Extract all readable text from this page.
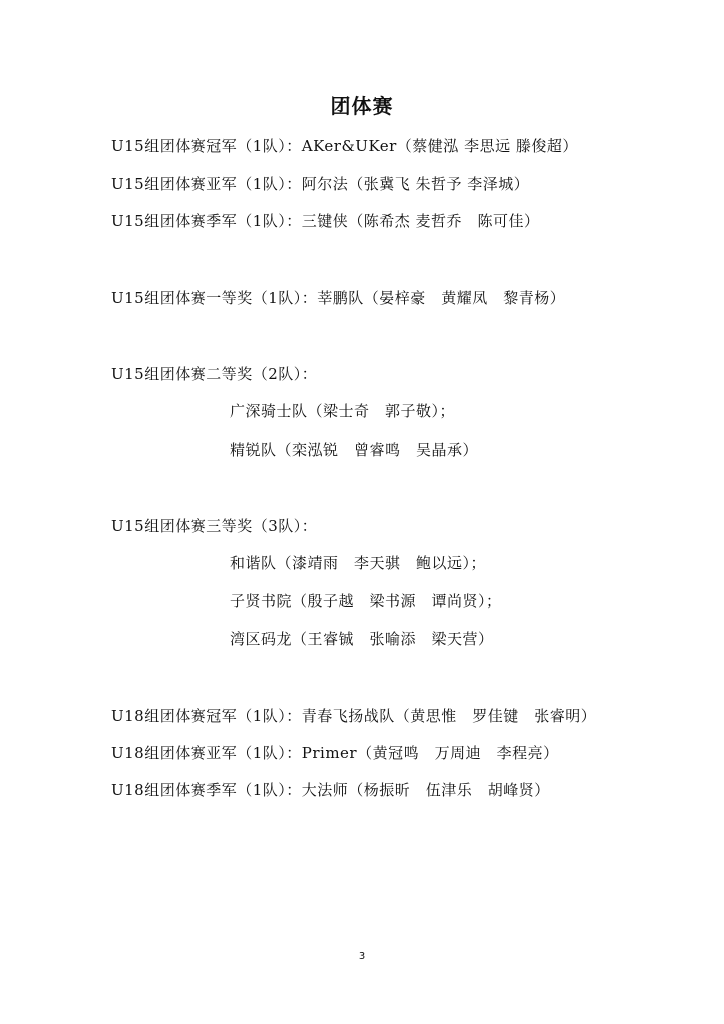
团体赛
U15组团体赛冠军（1队）：AKer&UKer（蔡健泓 李思远 滕俊超）
U15组团体赛亚军（1队）：阿尔法（张冀飞 朱哲予 李泽城）
U15组团体赛季军（1队）：三键侠（陈希杰 麦哲乔　陈可佳）
U15组团体赛一等奖（1队）：莘鹏队（晏梓豪　黄耀凤　黎青杨）
U15组团体赛二等奖（2队）：
广深骑士队（梁士奇　郭子敬）；
精锐队（栾泓锐　曾睿鸣　吴晶承）
U15组团体赛三等奖（3队）：
和谐队（漆靖雨　李天骐　鲍以远）；
子贤书院（殷子越　梁书源　谭尚贤）；
湾区码龙（王睿铖　张喻添　梁天营）
U18组团体赛冠军（1队）：青春飞扬战队（黄思惟　罗佳键　张睿明）
U18组团体赛亚军（1队）：Primer（黄冠鸣　万周迪　李程亮）
U18组团体赛季军（1队）：大法师（杨振昕　伍津乐　胡峰贤）
3
